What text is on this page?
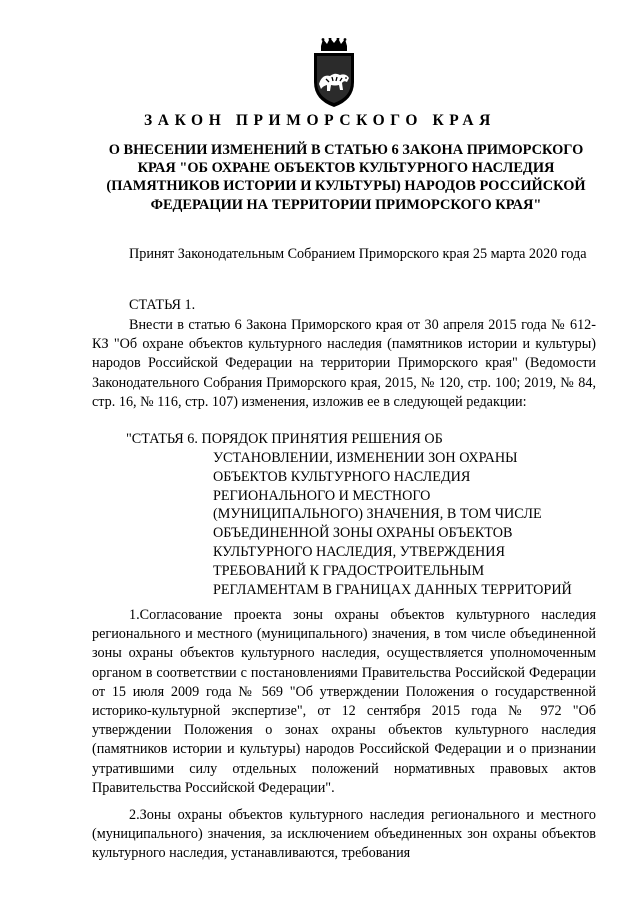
ЗАКОН ПРИМОРСКОГО КРАЯ
О ВНЕСЕНИИ ИЗМЕНЕНИЙ В СТАТЬЮ 6 ЗАКОНА ПРИМОРСКОГО КРАЯ "ОБ ОХРАНЕ ОБЪЕКТОВ КУЛЬТУРНОГО НАСЛЕДИЯ (ПАМЯТНИКОВ ИСТОРИИ И КУЛЬТУРЫ) НАРОДОВ РОССИЙСКОЙ ФЕДЕРАЦИИ НА ТЕРРИТОРИИ ПРИМОРСКОГО КРАЯ"
Принят Законодательным Собранием Приморского края 25 марта 2020 года
СТАТЬЯ 1.
Внести в статью 6 Закона Приморского края от 30 апреля 2015 года № 612-КЗ "Об охране объектов культурного наследия (памятников истории и культуры) народов Российской Федерации на территории Приморского края" (Ведомости Законодательного Собрания Приморского края, 2015, № 120, стр. 100; 2019, № 84, стр. 16, № 116, стр. 107) изменения, изложив ее в следующей редакции:
"СТАТЬЯ 6. ПОРЯДОК ПРИНЯТИЯ РЕШЕНИЯ ОБ
УСТАНОВЛЕНИИ, ИЗМЕНЕНИИ ЗОН ОХРАНЫ ОБЪЕКТОВ КУЛЬТУРНОГО НАСЛЕДИЯ РЕГИОНАЛЬНОГО И МЕСТНОГО (МУНИЦИПАЛЬНОГО) ЗНАЧЕНИЯ, В ТОМ ЧИСЛЕ ОБЪЕДИНЕННОЙ ЗОНЫ ОХРАНЫ ОБЪЕКТОВ КУЛЬТУРНОГО НАСЛЕДИЯ, УТВЕРЖДЕНИЯ ТРЕБОВАНИЙ К ГРАДОСТРОИТЕЛЬНЫМ РЕГЛАМЕНТАМ В ГРАНИЦАХ ДАННЫХ ТЕРРИТОРИЙ
1.Согласование проекта зоны охраны объектов культурного наследия регионального и местного (муниципального) значения, в том числе объединенной зоны охраны объектов культурного наследия, осуществляется уполномоченным органом в соответствии с постановлениями Правительства Российской Федерации от 15 июля 2009 года № 569 "Об утверждении Положения о государственной историко-культурной экспертизе", от 12 сентября 2015 года № 972 "Об утверждении Положения о зонах охраны объектов культурного наследия (памятников истории и культуры) народов Российской Федерации и о признании утратившими силу отдельных положений нормативных правовых актов Правительства Российской Федерации".
2.Зоны охраны объектов культурного наследия регионального и местного (муниципального) значения, за исключением объединенных зон охраны объектов культурного наследия, устанавливаются, требования
